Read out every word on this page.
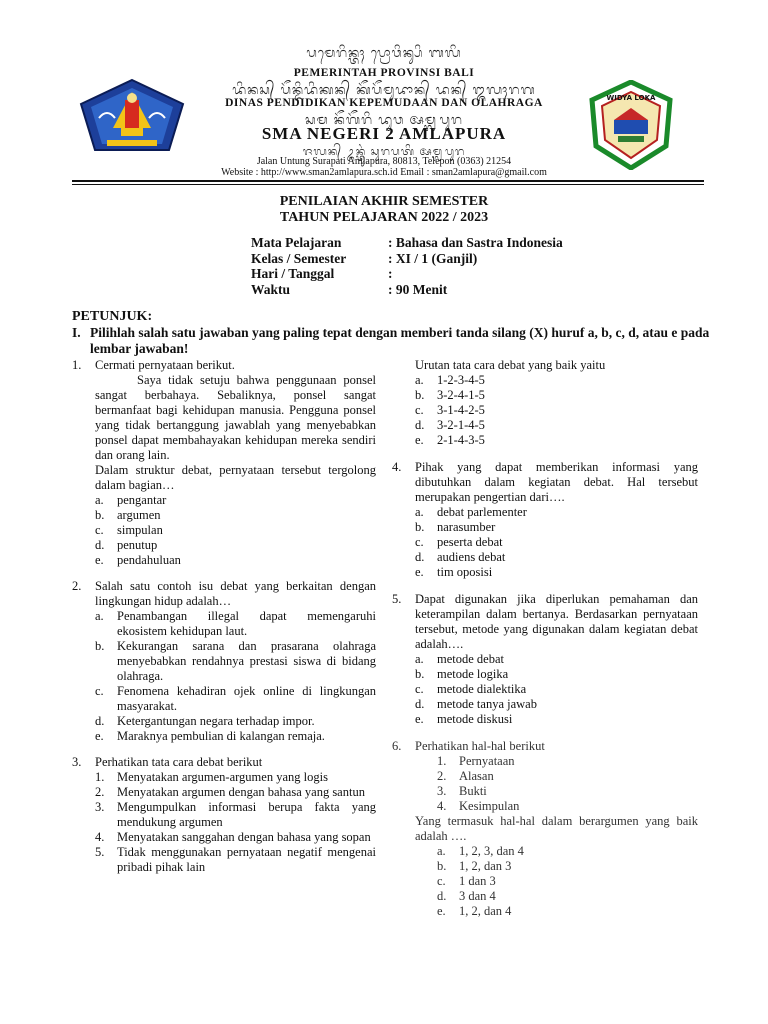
WIDYA LOKA
ᬧᬫᬾᬭᬶᬦ᭄ᬢᬄ ᬧ᭄ᬭᭀᬯᬶᬦ᭄ᬲᬶ ᬩᬮᬶ
PEMERINTAH PROVINSI BALI
ᬤᬶᬦᬲ᭄ ᬧᭂᬦ᭄ᬤᬶᬤᬶᬓᬦ᭄ ᬓᭂᬧᭂᬫᬸᬤᬵᬦ᭄ ᬤᬦ᭄ ᬑᬮᬄᬭᬕ
DINAS PENDIDIKAN KEPEMUDAAN DAN OLAHRAGA
ᬲᬫ ᬦᭂᬕᭂᬭᬶ ᬤᬸᬯ ᬅᬫ᭄ᬮᬧᬸᬭ
SMA NEGERI 2 AMLAPURA
ᬚᬮᬦ᭄ ᬉᬦ᭄ᬢᬸᬂ ᬲᬸᬭᬧᬢᬶ ᬅᬫ᭄ᬮᬧᬸᬭ
Jalan Untung Surapati Amlapura, 80813, Telepon (0363) 21254
Website : http://www.sman2amlapura.sch.id Email : sman2amlapura@gmail.com
PENILAIAN AKHIR SEMESTER
TAHUN PELAJARAN 2022 / 2023
Mata Pelajaran	: Bahasa dan Sastra Indonesia
Kelas / Semester	: XI / 1 (Ganjil)
Hari / Tanggal	:
Waktu	: 90 Menit
PETUNJUK:
I. Pilihlah salah satu jawaban yang paling tepat dengan memberi tanda silang (X) huruf a, b, c, d, atau e pada lembar jawaban!
1. Cermati pernyataan berikut.
Saya tidak setuju bahwa penggunaan ponsel sangat berbahaya. Sebaliknya, ponsel sangat bermanfaat bagi kehidupan manusia. Pengguna ponsel yang tidak bertanggung jawablah yang menyebabkan ponsel dapat membahayakan kehidupan mereka sendiri dan orang lain.
Dalam struktur debat, pernyataan tersebut tergolong dalam bagian…
a. pengantar
b. argumen
c. simpulan
d. penutup
e. pendahuluan
2. Salah satu contoh isu debat yang berkaitan dengan lingkungan hidup adalah…
a. Penambangan illegal dapat memengaruhi ekosistem kehidupan laut.
b. Kekurangan sarana dan prasarana olahraga menyebabkan rendahnya prestasi siswa di bidang olahraga.
c. Fenomena kehadiran ojek online di lingkungan masyarakat.
d. Ketergantungan negara terhadap impor.
e. Maraknya pembulian di kalangan remaja.
3. Perhatikan tata cara debat berikut
1. Menyatakan argumen-argumen yang logis
2. Menyatakan argumen dengan bahasa yang santun
3. Mengumpulkan informasi berupa fakta yang mendukung argumen
4. Menyatakan sanggahan dengan bahasa yang sopan
5. Tidak menggunakan pernyataan negatif mengenai pribadi pihak lain
Urutan tata cara debat yang baik yaitu
a. 1-2-3-4-5
b. 3-2-4-1-5
c. 3-1-4-2-5
d. 3-2-1-4-5
e. 2-1-4-3-5
4. Pihak yang dapat memberikan informasi yang dibutuhkan dalam kegiatan debat. Hal tersebut merupakan pengertian dari….
a. debat parlementer
b. narasumber
c. peserta debat
d. audiens debat
e. tim oposisi
5. Dapat digunakan jika diperlukan pemahaman dan keterampilan dalam bertanya. Berdasarkan pernyataan tersebut, metode yang digunakan dalam kegiatan debat adalah….
a. metode debat
b. metode logika
c. metode dialektika
d. metode tanya jawab
e. metode diskusi
6. Perhatikan hal-hal berikut
1. Pernyataan
2. Alasan
3. Bukti
4. Kesimpulan
Yang termasuk hal-hal dalam berargumen yang baik adalah ….
a. 1, 2, 3, dan 4
b. 1, 2, dan 3
c. 1 dan 3
d. 3 dan 4
e. 1, 2, dan 4
